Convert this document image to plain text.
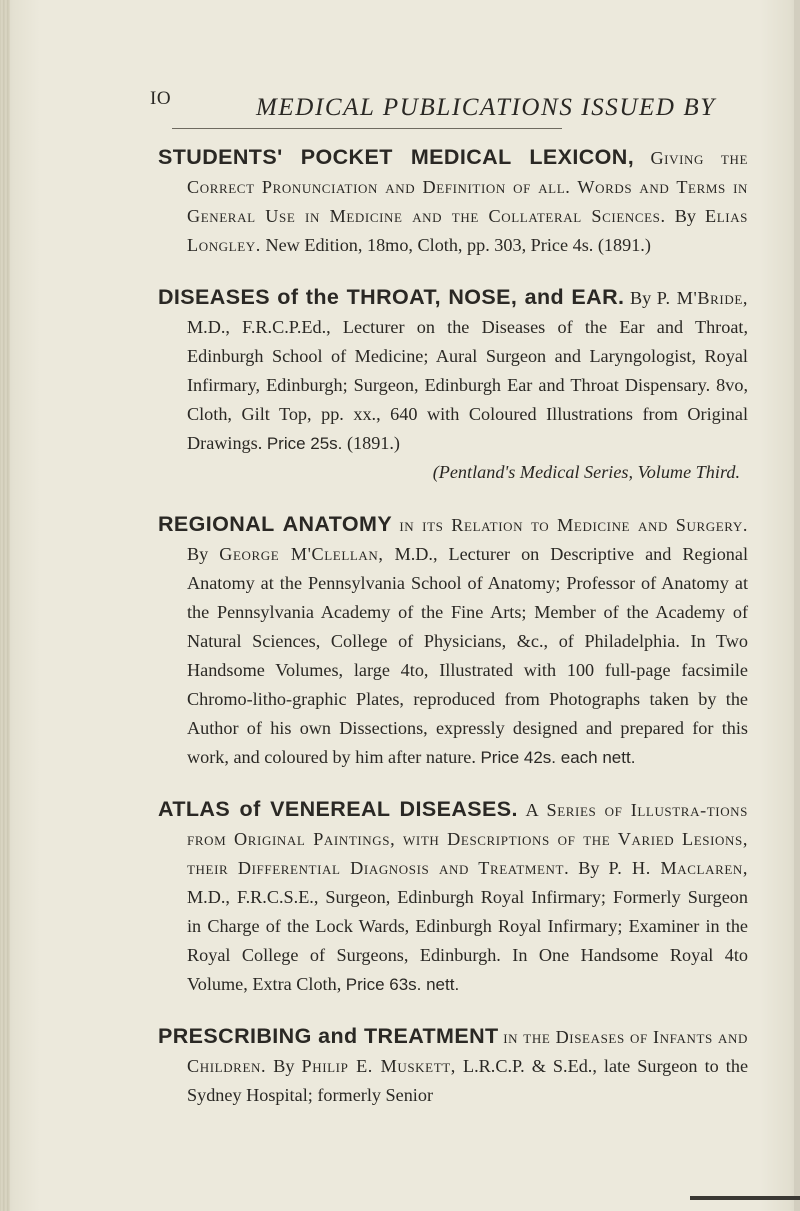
IO	MEDICAL PUBLICATIONS ISSUED BY
STUDENTS' POCKET MEDICAL LEXICON, Giving the Correct Pronunciation and Definition of all. Words and Terms in General Use in Medicine and the Collateral Sciences. By Elias Longley. New Edition, 18mo, Cloth, pp. 303, Price 4s. (1891.)
DISEASES of the THROAT, NOSE, and EAR. By P. M'Bride, M.D., F.R.C.P.Ed., Lecturer on the Diseases of the Ear and Throat, Edinburgh School of Medicine; Aural Surgeon and Laryngologist, Royal Infirmary, Edinburgh; Surgeon, Edinburgh Ear and Throat Dispensary. 8vo, Cloth, Gilt Top, pp. xx., 640 with Coloured Illustrations from Original Drawings. Price 25s. (1891.)
(Pentland's Medical Series, Volume Third.
REGIONAL ANATOMY in its Relation to Medicine and Surgery. By George M'Clellan, M.D., Lecturer on Descriptive and Regional Anatomy at the Pennsylvania School of Anatomy; Professor of Anatomy at the Pennsylvania Academy of the Fine Arts; Member of the Academy of Natural Sciences, College of Physicians, &c., of Philadelphia. In Two Handsome Volumes, large 4to, Illustrated with 100 full-page facsimile Chromo-litho-graphic Plates, reproduced from Photographs taken by the Author of his own Dissections, expressly designed and prepared for this work, and coloured by him after nature. Price 42s. each nett.
ATLAS of VENEREAL DISEASES. A Series of Illustra-tions from Original Paintings, with Descriptions of the Varied Lesions, their Differential Diagnosis and Treatment. By P. H. Maclaren, M.D., F.R.C.S.E., Surgeon, Edinburgh Royal Infirmary; Formerly Surgeon in Charge of the Lock Wards, Edinburgh Royal Infirmary; Examiner in the Royal College of Surgeons, Edinburgh. In One Handsome Royal 4to Volume, Extra Cloth, Price 63s. nett.
PRESCRIBING and TREATMENT in the Diseases of Infants and Children. By Philip E. Muskett, L.R.C.P. & S.Ed., late Surgeon to the Sydney Hospital; formerly Senior
